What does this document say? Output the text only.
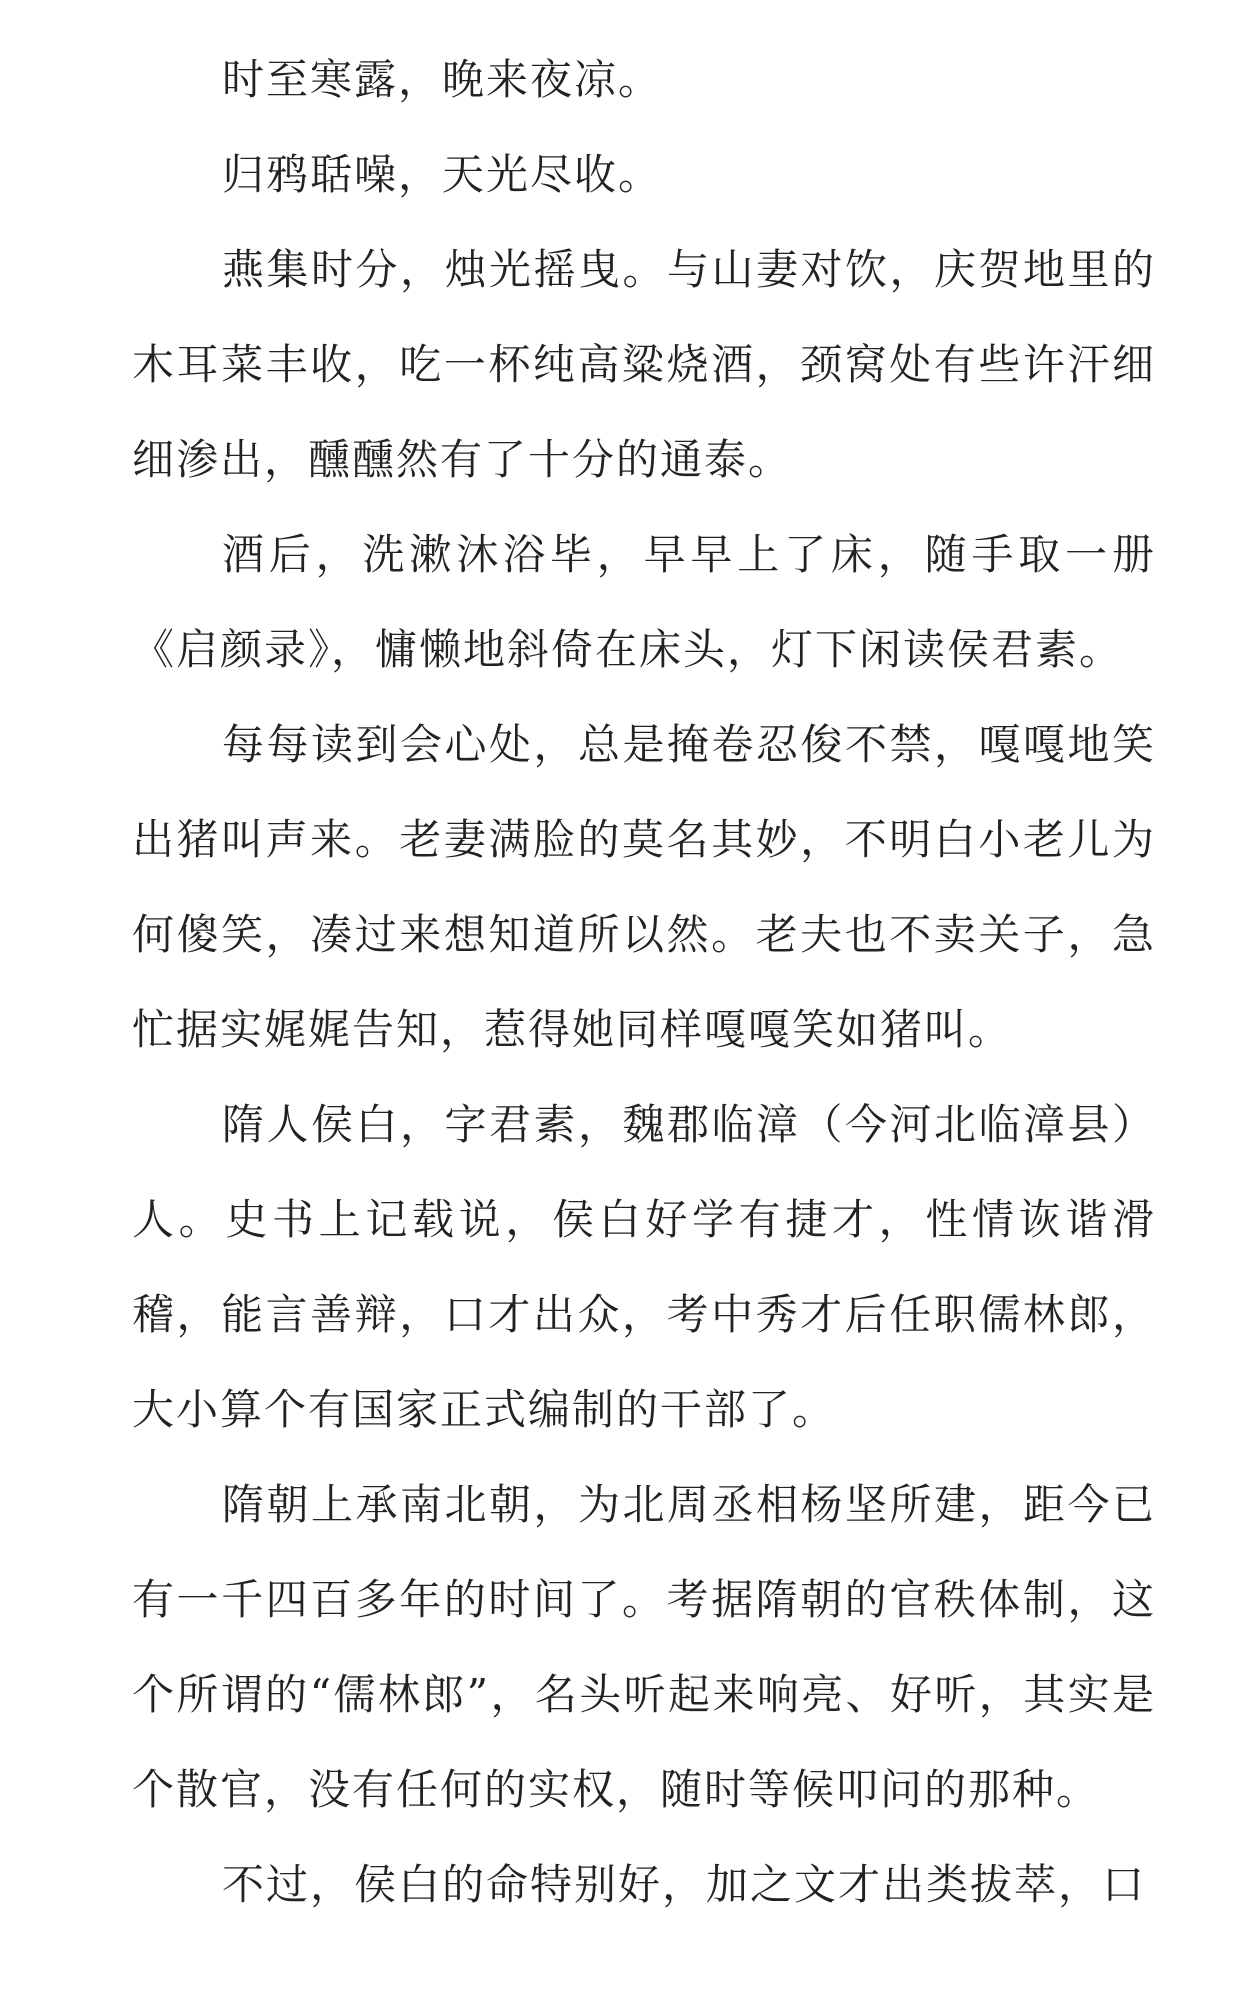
时至寒露，晚来夜凉。

归鸦聒噪，天光尽收。

燕集时分，烛光摇曳。与山妻对饮，庆贺地里的木耳菜丰收，吃一杯纯高粱烧酒，颈窝处有些许汗细细渗出，醺醺然有了十分的通泰。

酒后，洗漱沐浴毕，早早上了床，随手取一册《启颜录》，慵懒地斜倚在床头，灯下闲读侯君素。

每每读到会心处，总是掩卷忍俊不禁，嘎嘎地笑出猪叫声来。老妻满脸的莫名其妙，不明白小老儿为何傻笑，凑过来想知道所以然。老夫也不卖关子，急忙据实娓娓告知，惹得她同样嘎嘎笑如猪叫。

隋人侯白，字君素，魏郡临漳（今河北临漳县）人。史书上记载说，侯白好学有捷才，性情诙谐滑稽，能言善辩，口才出众，考中秀才后任职儒林郎，大小算个有国家正式编制的干部了。

隋朝上承南北朝，为北周丞相杨坚所建，距今已有一千四百多年的时间了。考据隋朝的官秩体制，这个所谓的“儒林郎”，名头听起来响亮、好听，其实是个散官，没有任何的实权，随时等候叩问的那种。

不过，侯白的命特别好，加之文才出类拔萃，口
